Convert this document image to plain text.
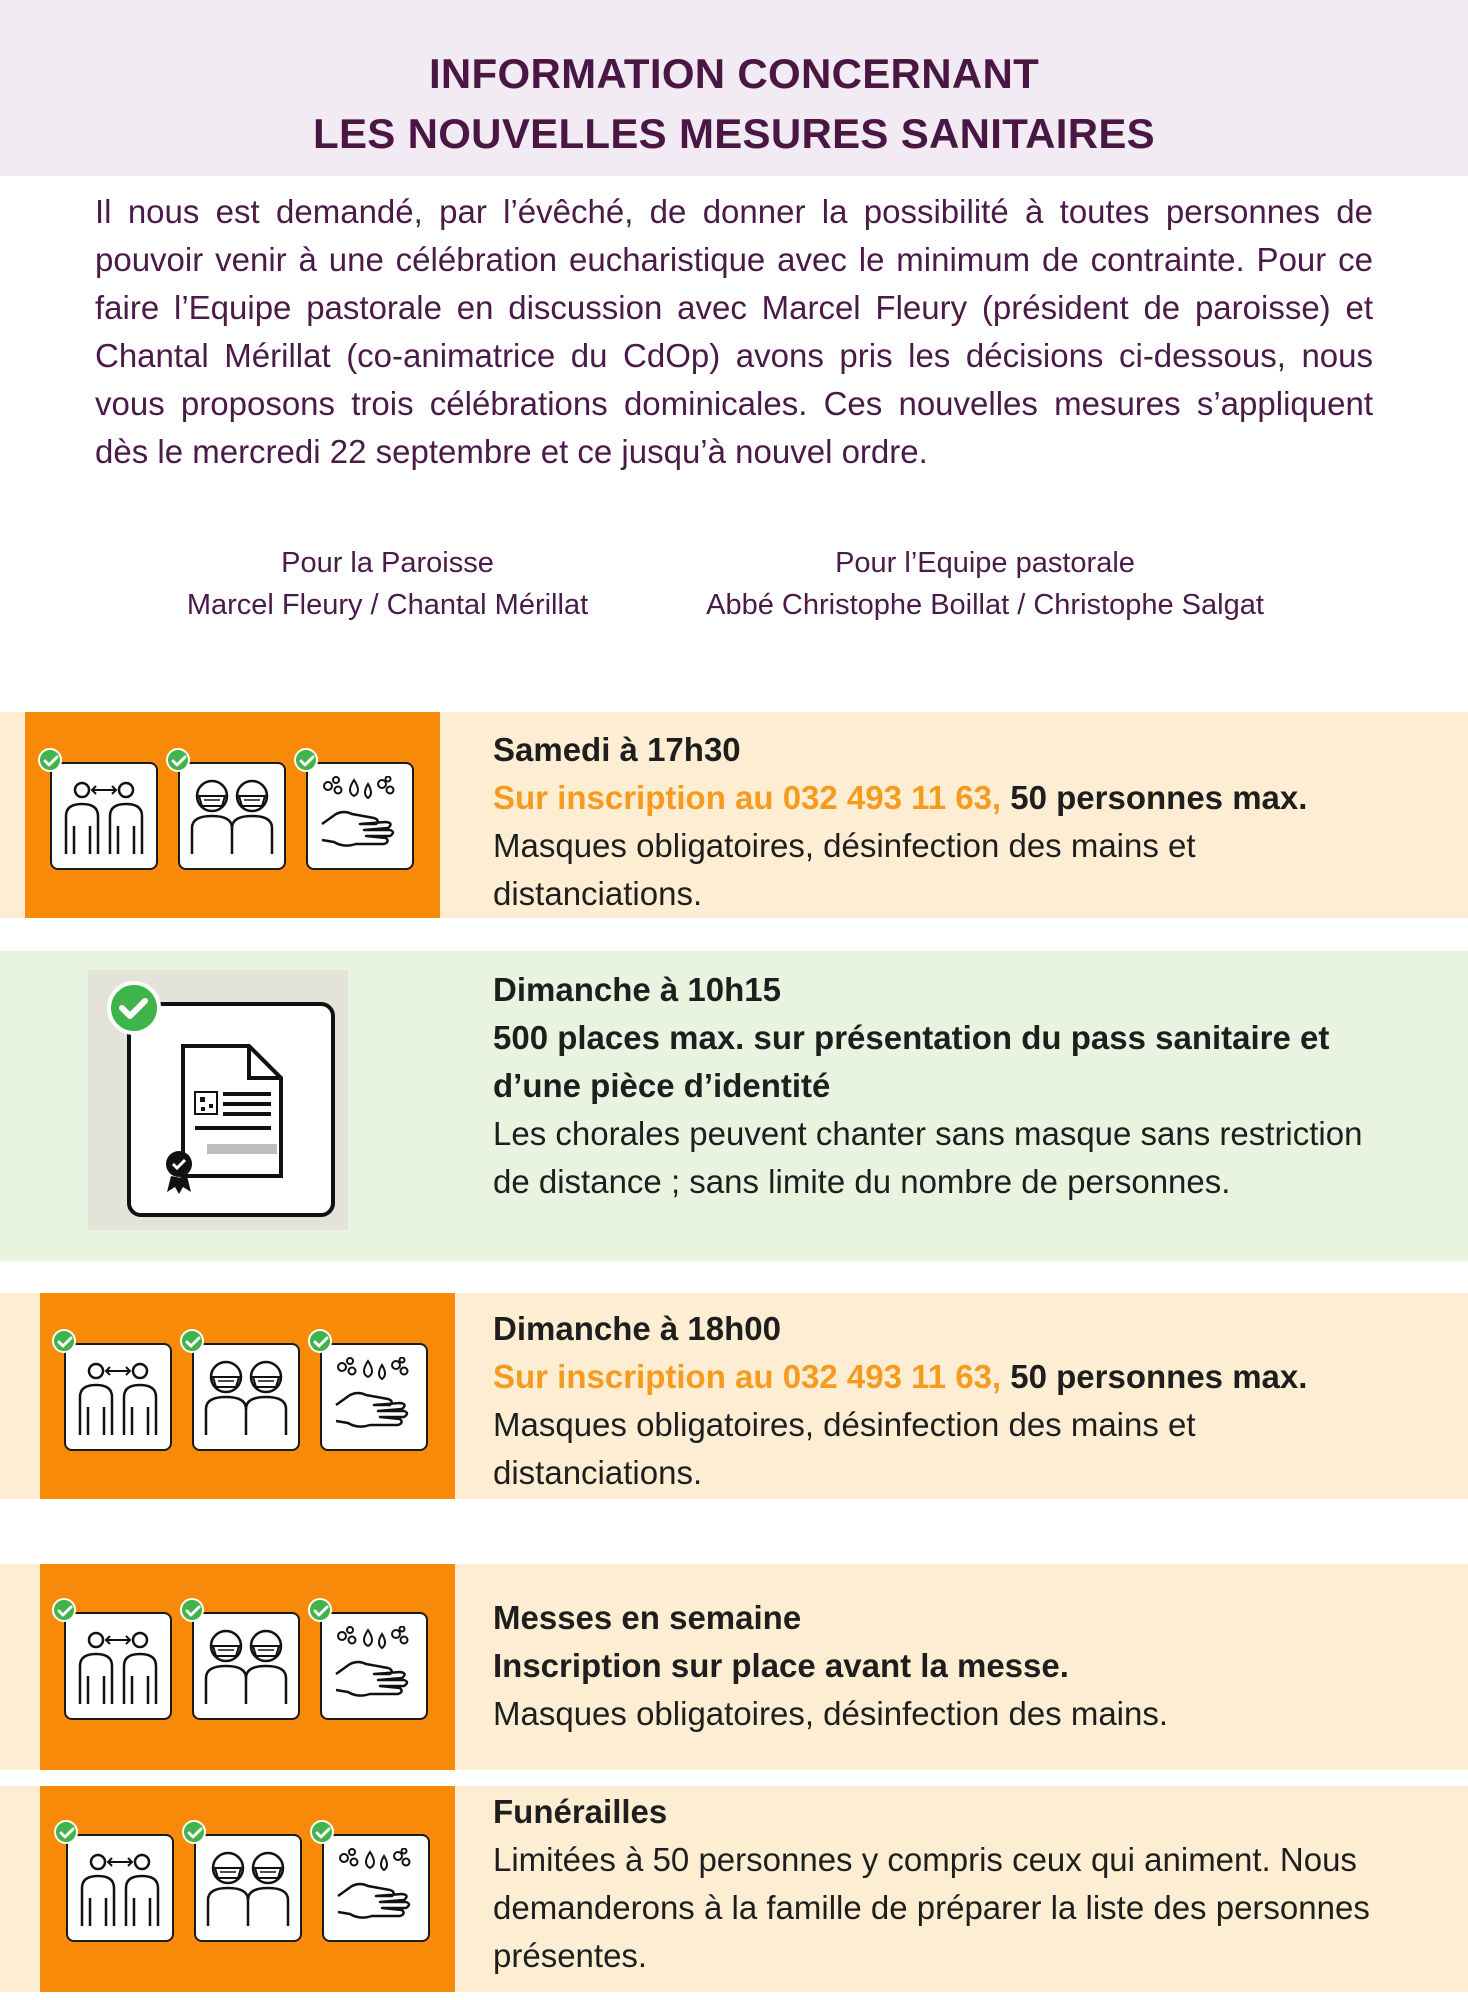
INFORMATION CONCERNANT
LES NOUVELLES MESURES SANITAIRES
Il nous est demandé, par l’évêché, de donner la possibilité à toutes personnes de pouvoir venir à une célébration eucharistique avec le minimum de contrainte. Pour ce faire l’Equipe pastorale en discussion avec Marcel Fleury (président de paroisse) et Chantal Mérillat (co-animatrice du CdOp) avons pris les décisions ci-dessous, nous vous proposons trois célébrations dominicales. Ces nouvelles mesures s’appliquent dès le mercredi 22 septembre et ce jusqu’à nouvel ordre.
Pour la Paroisse
Marcel Fleury / Chantal Mérillat
Pour l’Equipe pastorale
Abbé Christophe Boillat / Christophe Salgat
Samedi à 17h30
Sur inscription au 032 493 11 63, 50 personnes max.
Masques obligatoires, désinfection des mains et distanciations.
Dimanche à 10h15
500 places max. sur présentation du pass sanitaire et d’une pièce d’identité
Les chorales peuvent chanter sans masque sans restriction de distance ; sans limite du nombre de personnes.
Dimanche à 18h00
Sur inscription au 032 493 11 63, 50 personnes max.
Masques obligatoires, désinfection des mains et distanciations.
Messes en semaine
Inscription sur place avant la messe.
Masques obligatoires, désinfection des mains.
Funérailles
Limitées à 50 personnes y compris ceux qui animent. Nous demanderons à la famille de préparer la liste des personnes présentes.
